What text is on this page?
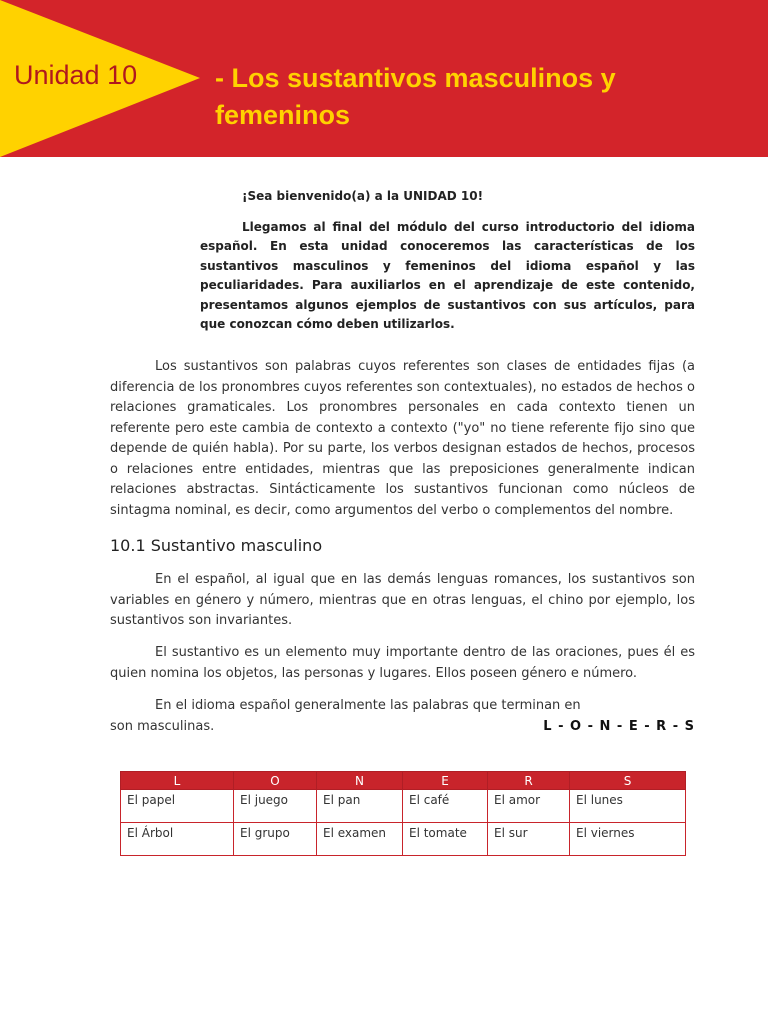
Unidad 10	- Los sustantivos masculinos y femeninos

¡Sea bienvenido(a) a la UNIDAD 10!

Llegamos al final del módulo del curso introductorio del idioma español. En esta unidad conoceremos las características de los sustantivos masculinos y femeninos del idioma español y las peculiaridades. Para auxiliarlos en el aprendizaje de este contenido, presentamos algunos ejemplos de sustantivos con sus artículos, para que conozcan cómo deben utilizarlos.

Los sustantivos son palabras cuyos referentes son clases de entidades fijas (a diferencia de los pronombres cuyos referentes son contextuales), no estados de hechos o relaciones gramaticales. Los pronombres personales en cada contexto tienen un referente pero este cambia de contexto a contexto ("yo" no tiene referente fijo sino que depende de quién habla). Por su parte, los verbos designan estados de hechos, procesos o relaciones entre entidades, mientras que las preposiciones generalmente indican relaciones abstractas. Sintácticamente los sustantivos funcionan como núcleos de sintagma nominal, es decir, como argumentos del verbo o complementos del nombre.

10.1 Sustantivo masculino

En el español, al igual que en las demás lenguas romances, los sustantivos son variables en género y número, mientras que en otras lenguas, el chino por ejemplo, los sustantivos son invariantes.

El sustantivo es un elemento muy importante dentro de las oraciones, pues él es quien nomina los objetos, las personas y lugares. Ellos poseen género e número.

En el idioma español generalmente las palabras que terminan en
L - O - N - E - R - S

son masculinas.

L	O	N	E	R	S
El papel	El juego	El pan	El café	El amor	El lunes
El Árbol	El grupo	El examen	El tomate	El sur	El viernes
